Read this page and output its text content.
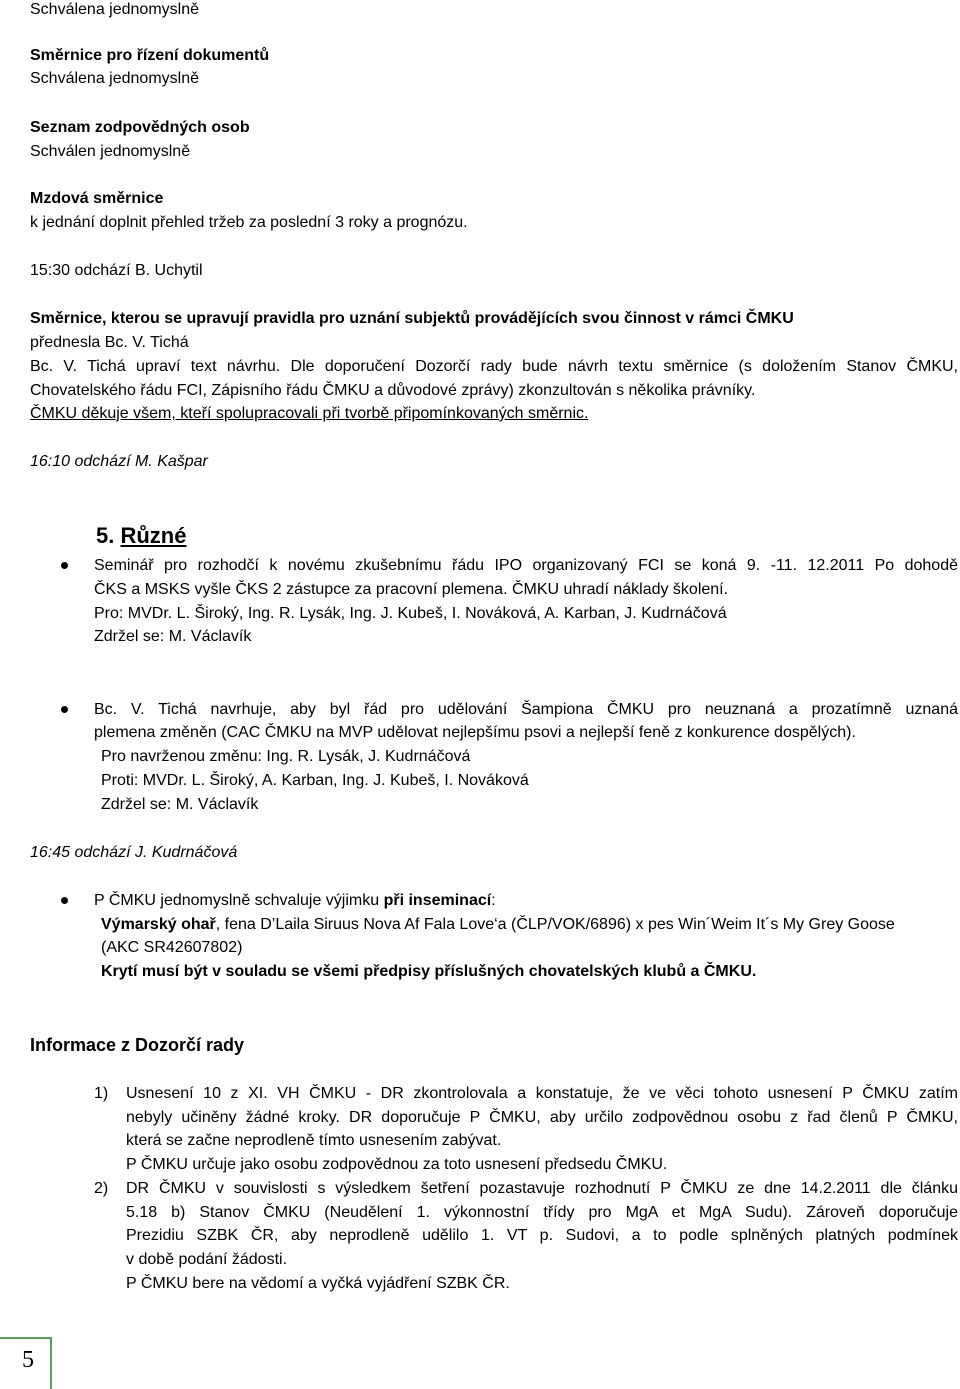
Schválena jednomyslně
Směrnice pro řízení dokumentů
Schválena jednomyslně
Seznam zodpovědných osob
Schválen jednomyslně
Mzdová směrnice
k jednání doplnit přehled tržeb za poslední 3 roky a prognózu.
15:30 odchází B. Uchytil
Směrnice, kterou se upravují pravidla pro uznání subjektů provádějících svou činnost v rámci ČMKU
přednesla Bc. V. Tichá
Bc. V. Tichá upraví text návrhu. Dle doporučení Dozorčí rady bude návrh textu směrnice (s doložením Stanov ČMKU,
Chovatelského řádu FCI, Zápisního řádu ČMKU a důvodové zprávy) zkonzultován s několika právníky.
ČMKU děkuje všem, kteří spolupracovali při tvorbě připomínkovaných směrnic.
16:10 odchází M. Kašpar
5. Různé
Seminář pro rozhodčí k novému zkušebnímu řádu IPO organizovaný FCI se koná 9. -11. 12.2011 Po dohodě
ČKS a MSKS vyšle ČKS 2 zástupce za pracovní plemena. ČMKU uhradí náklady školení.
Pro: MVDr. L. Široký, Ing. R. Lysák, Ing. J. Kubeš, I. Nováková, A. Karban, J. Kudrnáčová
Zdržel se: M. Václavík
Bc. V. Tichá navrhuje, aby byl řád pro udělování Šampiona ČMKU pro neuznaná a prozatímně uznaná
plemena změněn (CAC ČMKU na MVP udělovat nejlepšímu psovi a nejlepší feně z konkurence dospělých).
Pro navrženou změnu: Ing. R. Lysák, J. Kudrnáčová
Proti: MVDr. L. Široký, A. Karban, Ing. J. Kubeš, I. Nováková
Zdržel se: M. Václavík
16:45 odchází J. Kudrnáčová
P ČMKU jednomyslně schvaluje výjimku při inseminací:
Výmarský ohař, fena D’Laila Siruus Nova Af Fala Love‘a (ČLP/VOK/6896) x pes Win´Weim It´s My Grey Goose
(AKC SR42607802)
Krytí musí být v souladu se všemi předpisy příslušných chovatelských klubů a ČMKU.
Informace z Dozorčí rady
1) Usnesení 10 z XI. VH ČMKU - DR zkontrolovala a konstatuje, že ve věci tohoto usnesení P ČMKU zatím
nebyly učiněny žádné kroky. DR doporučuje P ČMKU, aby určilo zodpovědnou osobu z řad členů P ČMKU,
která se začne neprodleně tímto usnesením zabývat.
P ČMKU určuje jako osobu zodpovědnou za toto usnesení předsedu ČMKU.
2) DR ČMKU v souvislosti s výsledkem šetření pozastavuje rozhodnutí P ČMKU ze dne 14.2.2011 dle článku
5.18 b) Stanov ČMKU (Neudělení 1. výkonnostní třídy pro MgA et MgA Sudu). Zároveň doporučuje
Prezidiu SZBK ČR, aby neprodleně udělilo 1. VT p. Sudovi, a to podle splněných platných podmínek
v době podání žádosti.
P ČMKU bere na vědomí a vyčká vyjádření SZBK ČR.
5
